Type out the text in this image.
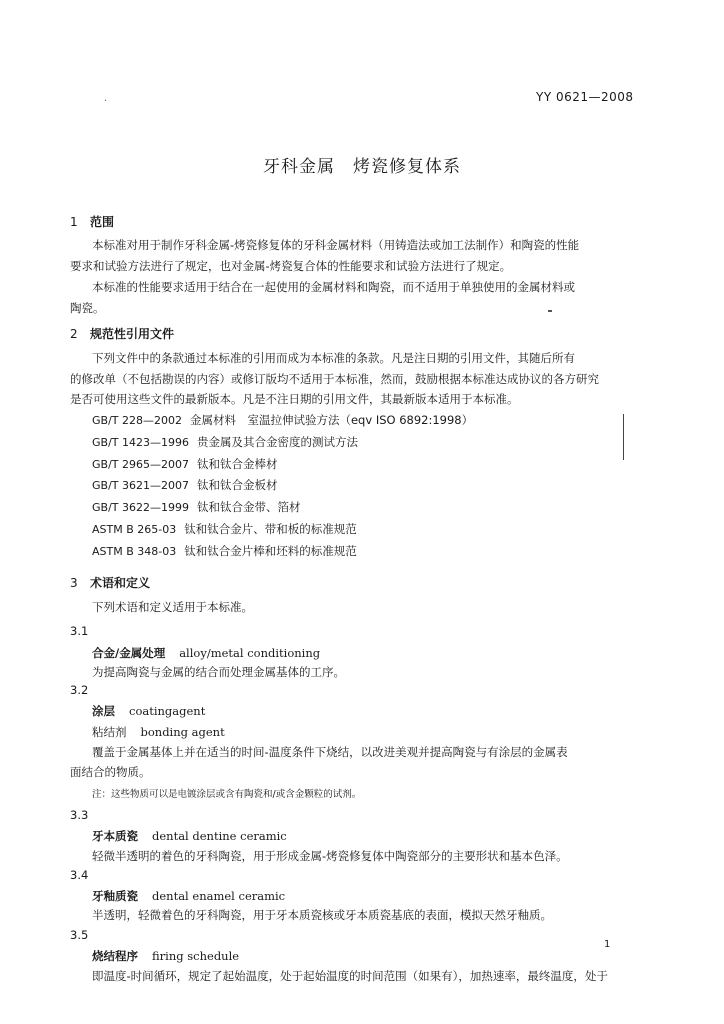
·	YY 0621—2008
牙科金属　烤瓷修复体系
1 范围
本标准对用于制作牙科金属-烤瓷修复体的牙科金属材料（用铸造法或加工法制作）和陶瓷的性能
要求和试验方法进行了规定，也对金属-烤瓷复合体的性能要求和试验方法进行了规定。
本标准的性能要求适用于结合在一起使用的金属材料和陶瓷，而不适用于单独使用的金属材料或
陶瓷。
2 规范性引用文件
下列文件中的条款通过本标准的引用而成为本标准的条款。凡是注日期的引用文件，其随后所有
的修改单（不包括勘误的内容）或修订版均不适用于本标准，然而，鼓励根据本标准达成协议的各方研究
是否可使用这些文件的最新版本。凡是不注日期的引用文件，其最新版本适用于本标准。
GB/T 228—2002 金属材料　室温拉伸试验方法（eqv ISO 6892:1998）
GB/T 1423—1996 贵金属及其合金密度的测试方法
GB/T 2965—2007 钛和钛合金棒材
GB/T 3621—2007 钛和钛合金板材
GB/T 3622—1999 钛和钛合金带、箔材
ASTM B 265-03 钛和钛合金片、带和板的标准规范
ASTM B 348-03 钛和钛合金片棒和坯料的标准规范
3 术语和定义
下列术语和定义适用于本标准。
3.1
合金/金属处理 alloy/metal conditioning
为提高陶瓷与金属的结合而处理金属基体的工序。
3.2
涂层 coatingagent
粘结剂 bonding agent
覆盖于金属基体上并在适当的时间-温度条件下烧结，以改进美观并提高陶瓷与有涂层的金属表
面结合的物质。
注：这些物质可以是电镀涂层或含有陶瓷和/或含金颗粒的试剂。
3.3
牙本质瓷 dental dentine ceramic
轻微半透明的着色的牙科陶瓷，用于形成金属-烤瓷修复体中陶瓷部分的主要形状和基本色泽。
3.4
牙釉质瓷 dental enamel ceramic
半透明，轻微着色的牙科陶瓷，用于牙本质瓷核或牙本质瓷基底的表面，模拟天然牙釉质。
3.5
烧结程序 firing schedule
即温度-时间循环，规定了起始温度，处于起始温度的时间范围（如果有），加热速率，最终温度，处于
1
